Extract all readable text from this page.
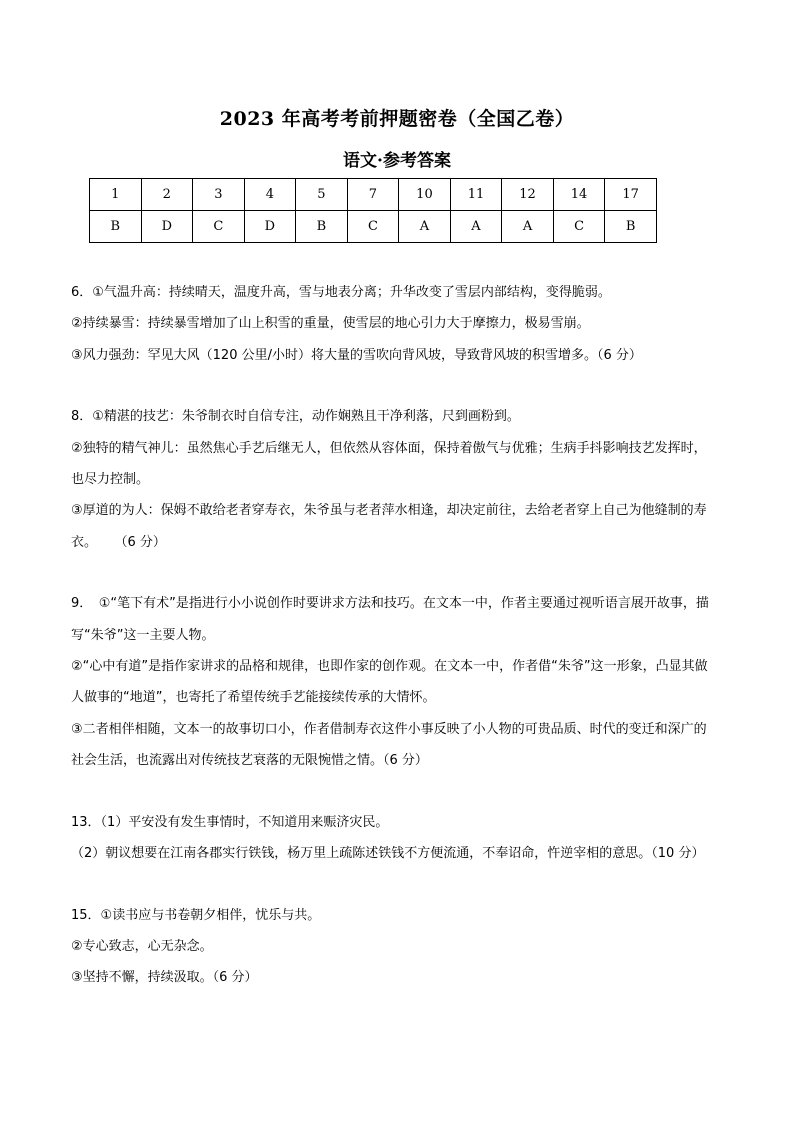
2023 年高考考前押题密卷（全国乙卷）
语文·参考答案
1	2	3	4	5	7	10	11	12	14	17
B	D	C	D	B	C	A	A	A	C	B
6．①气温升高：持续晴天，温度升高，雪与地表分离；升华改变了雪层内部结构，变得脆弱。
②持续暴雪：持续暴雪增加了山上积雪的重量，使雪层的地心引力大于摩擦力，极易雪崩。
③风力强劲：罕见大风（120 公里/小时）将大量的雪吹向背风坡，导致背风坡的积雪增多。（6 分）
8．①精湛的技艺：朱爷制衣时自信专注，动作娴熟且干净利落，尺到画粉到。
②独特的精气神儿：虽然焦心手艺后继无人，但依然从容体面，保持着傲气与优雅；生病手抖影响技艺发挥时，也尽力控制。
③厚道的为人：保姆不敢给老者穿寿衣，朱爷虽与老者萍水相逢，却决定前往，去给老者穿上自己为他缝制的寿衣。 （6 分）
9．　①“笔下有术”是指进行小小说创作时要讲求方法和技巧。在文本一中，作者主要通过视听语言展开故事，描写“朱爷”这一主要人物。
②“心中有道”是指作家讲求的品格和规律，也即作家的创作观。在文本一中，作者借“朱爷”这一形象，凸显其做人做事的“地道”，也寄托了希望传统手艺能接续传承的大情怀。
③二者相伴相随，文本一的故事切口小，作者借制寿衣这件小事反映了小人物的可贵品质、时代的变迁和深广的社会生活，也流露出对传统技艺衰落的无限惋惜之情。（6 分）
13．（1）平安没有发生事情时，不知道用来赈济灾民。
（2）朝议想要在江南各郡实行铁钱，杨万里上疏陈述铁钱不方便流通，不奉诏命，忤逆宰相的意思。（10 分）
15．①读书应与书卷朝夕相伴，忧乐与共。
②专心致志，心无杂念。
③坚持不懈，持续汲取。（6 分）
